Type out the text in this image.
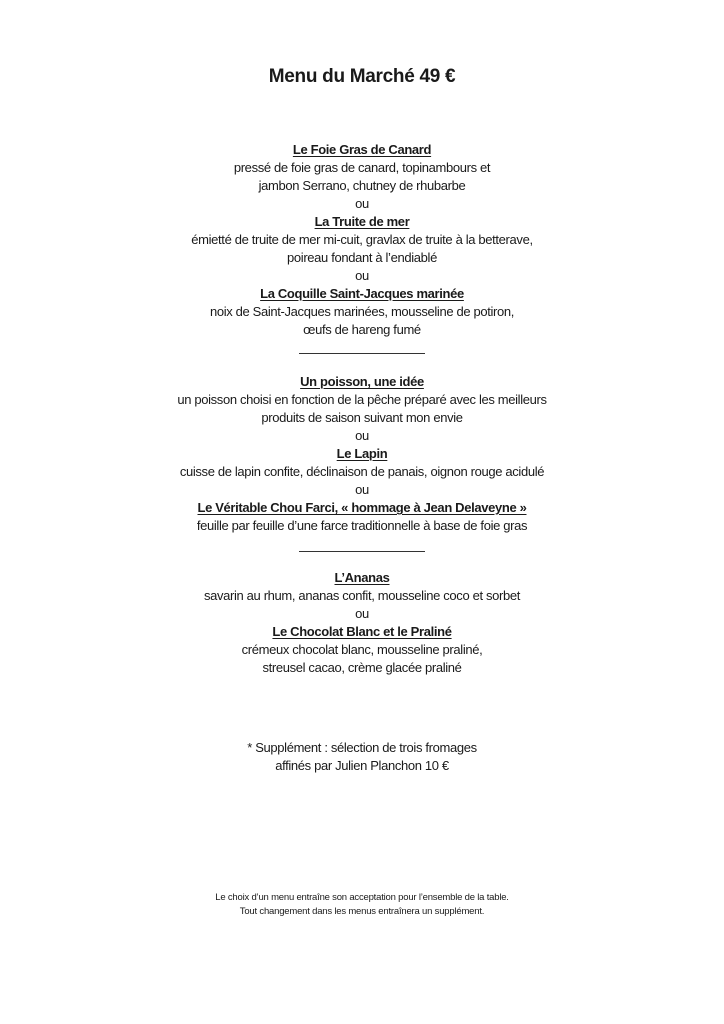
Menu du Marché 49 €
Le Foie Gras de Canard
pressé de foie gras de canard, topinambours et
jambon Serrano, chutney de rhubarbe
ou
La Truite de mer
émietté de truite de mer mi-cuit, gravlax de truite à la betterave,
poireau fondant à l’endiablé
ou
La Coquille Saint-Jacques marinée
noix de Saint-Jacques marinées, mousseline de potiron,
œufs de hareng fumé
Un poisson, une idée
un poisson choisi en fonction de la pêche préparé avec les meilleurs
produits de saison suivant mon envie
ou
Le Lapin
cuisse de lapin confite, déclinaison de panais, oignon rouge acidulé
ou
Le Véritable Chou Farci, « hommage à Jean Delaveyne »
feuille par feuille d’une farce traditionnelle à base de foie gras
L’Ananas
savarin au rhum, ananas confit, mousseline coco et sorbet
ou
Le Chocolat Blanc et le Praliné
crémeux chocolat blanc, mousseline praliné,
streusel cacao, crème glacée praliné
* Supplément : sélection de trois fromages
affinés par Julien Planchon 10 €
Le choix d’un menu entraîne son acceptation pour l’ensemble de la table.
Tout changement dans les menus entraînera un supplément.
